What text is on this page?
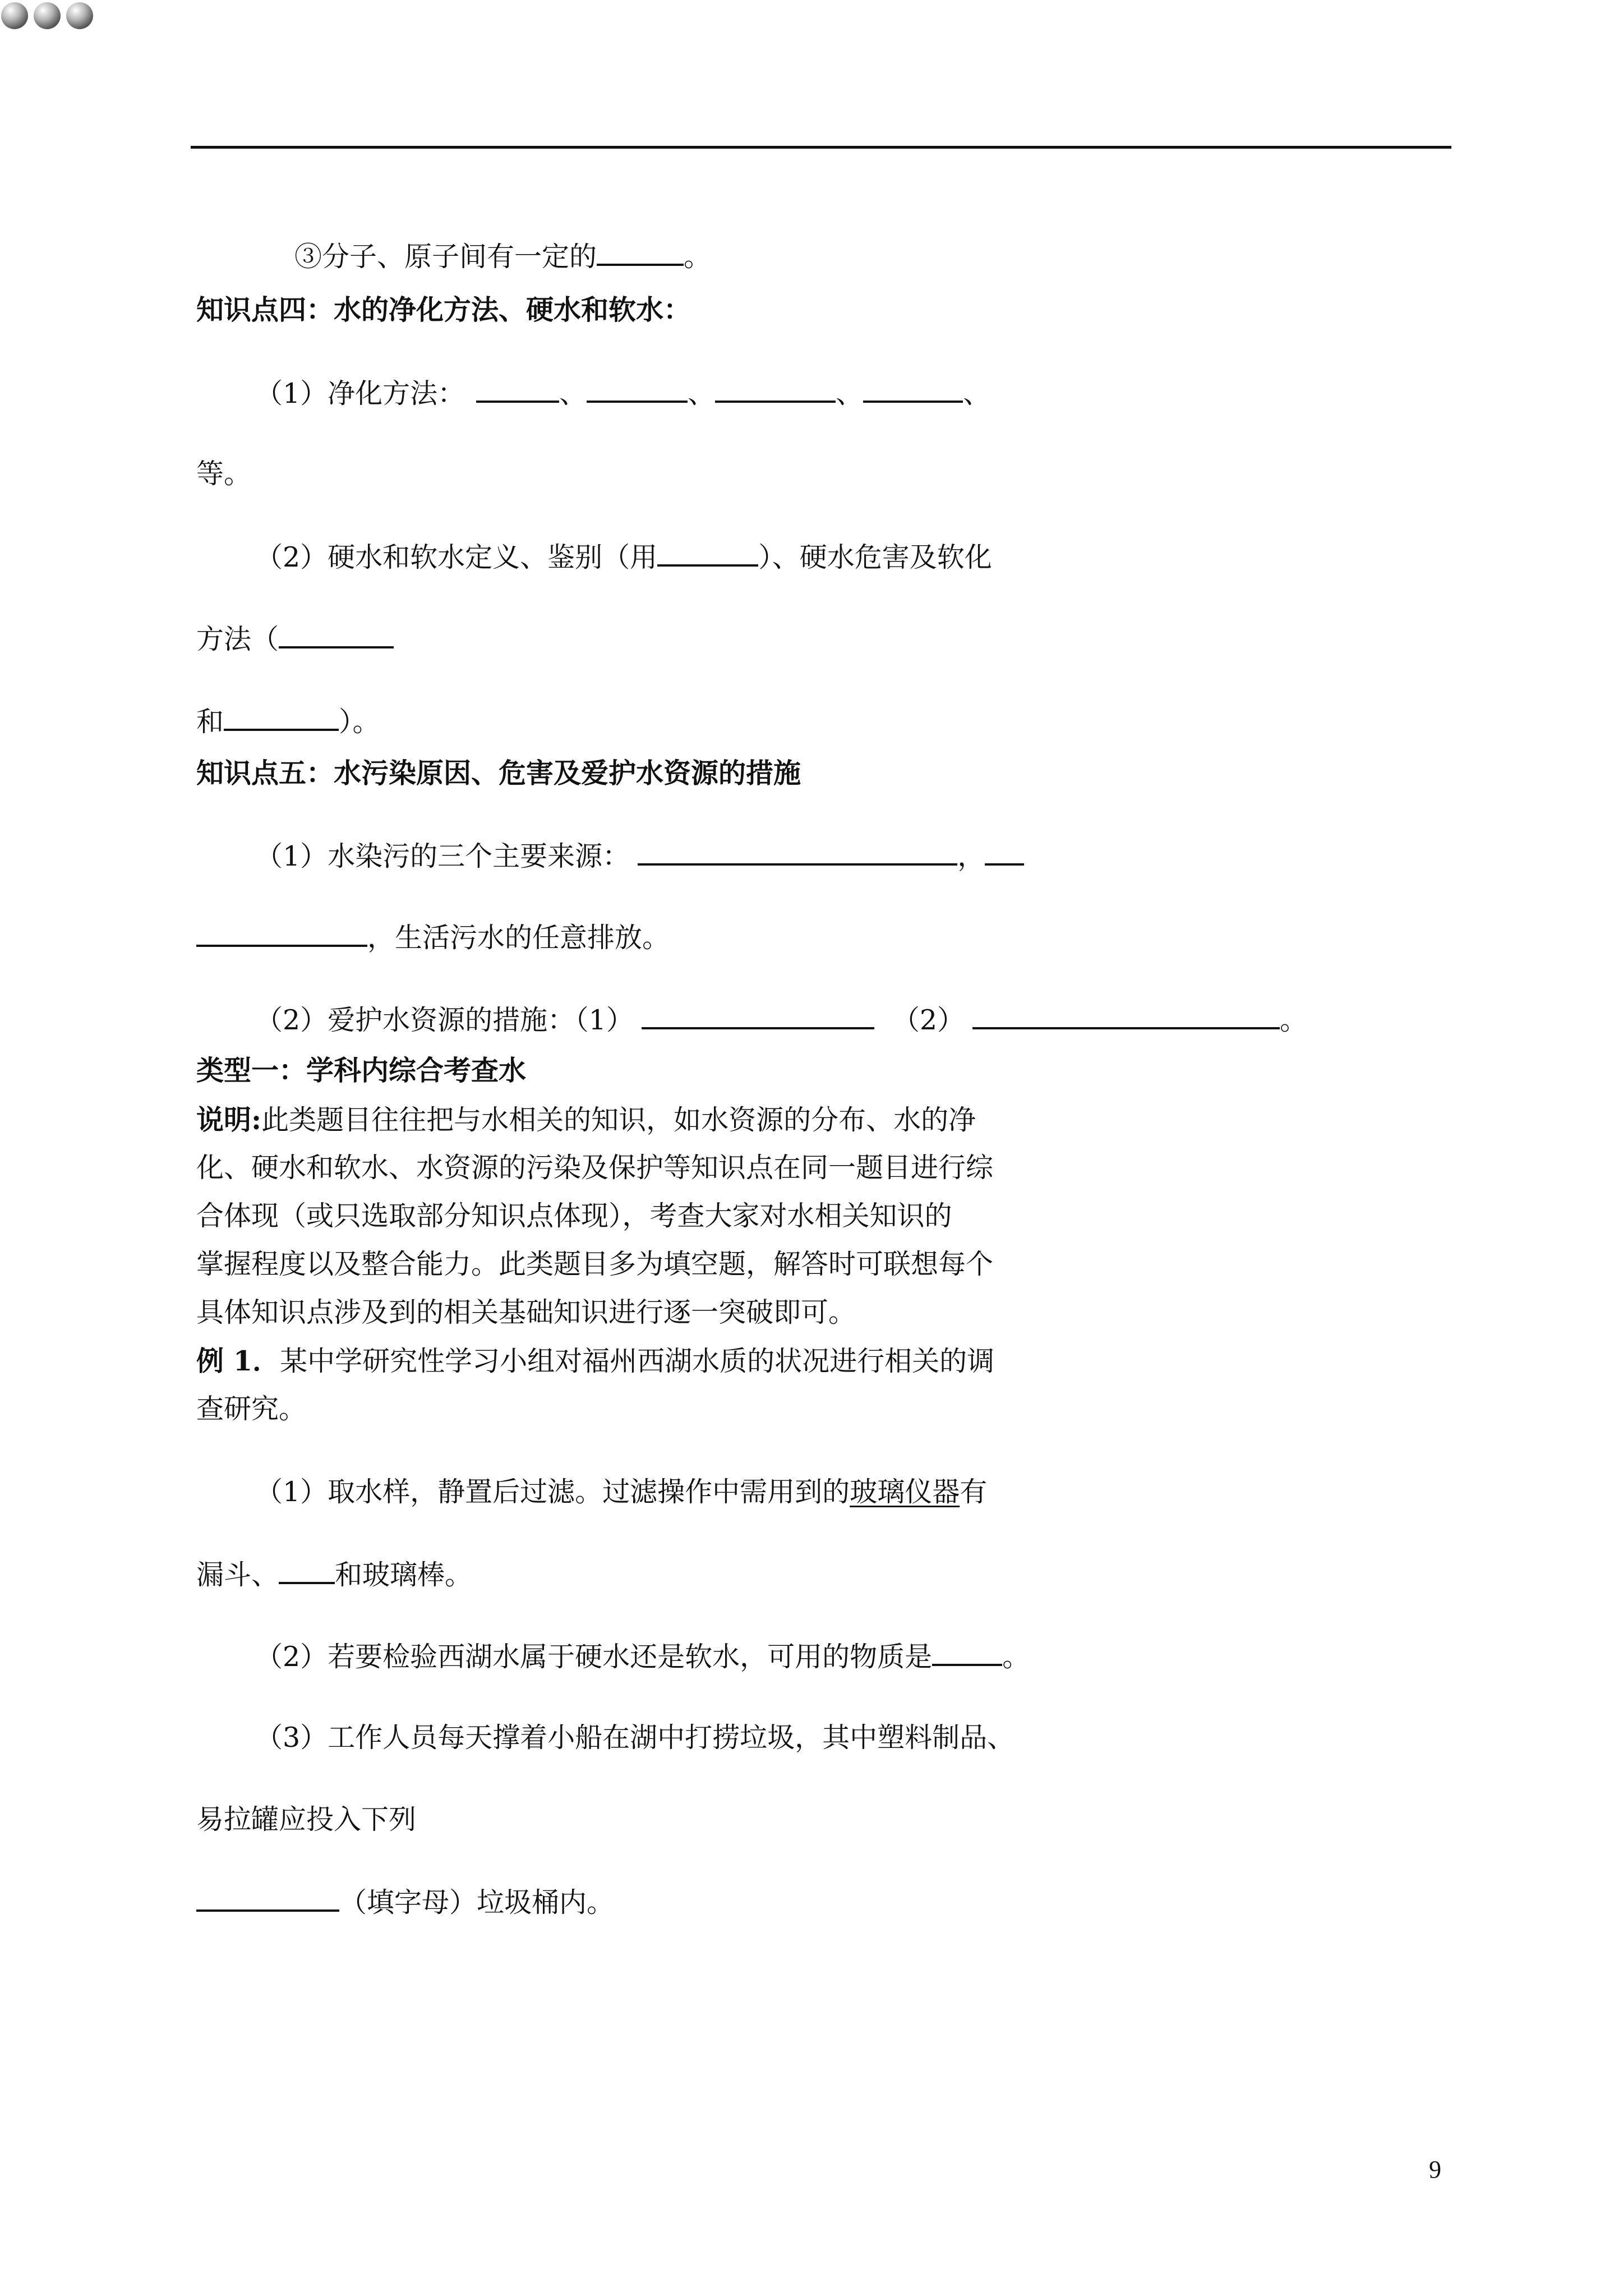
③分子、原子间有一定的	。
知识点四：水的净化方法、硬水和软水：
（1）净化方法：	、	、	、	、
等。
（2）硬水和软水定义、鉴别（用	）、硬水危害及软化
方法（
和	）。
知识点五：水污染原因、危害及爱护水资源的措施
（1）水染污的三个主要来源：	，
，生活污水的任意排放。
（2）爱护水资源的措施：（1）	（2）	。
类型一：学科内综合考查水
说明:此类题目往往把与水相关的知识，如水资源的分布、水的净
化、硬水和软水、水资源的污染及保护等知识点在同一题目进行综
合体现（或只选取部分知识点体现），考查大家对水相关知识的
掌握程度以及整合能力。此类题目多为填空题，解答时可联想每个
具体知识点涉及到的相关基础知识进行逐一突破即可。
例 1．某中学研究性学习小组对福州西湖水质的状况进行相关的调
查研究。
（1）取水样，静置后过滤。过滤操作中需用到的玻璃仪器有
漏斗、 和玻璃棒。
（2）若要检验西湖水属于硬水还是软水，可用的物质是	。
（3）工作人员每天撑着小船在湖中打捞垃圾，其中塑料制品、
易拉罐应投入下列
（填字母）垃圾桶内。
9
